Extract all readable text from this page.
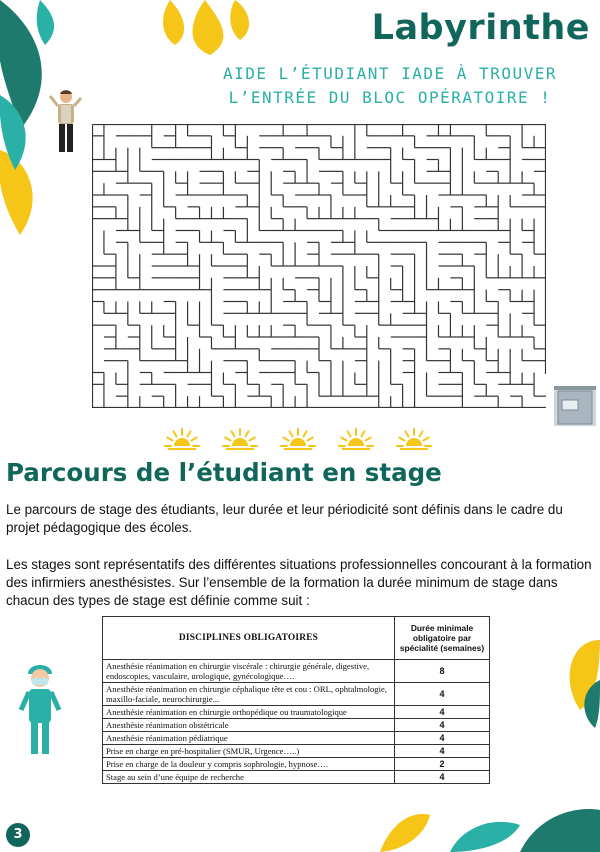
Labyrinthe
AIDE L’ÉTUDIANT IADE À TROUVER
L’ENTRÉE DU BLOC OPÉRATOIRE !
Parcours de l’étudiant en stage

Le parcours de stage des étudiants, leur durée et leur périodicité sont définis dans le cadre du projet pédagogique des écoles.

Les stages sont représentatifs des différentes situations professionnelles concourant à la formation des infirmiers anesthésistes. Sur l’ensemble de la formation la durée minimum de stage dans chacun des types de stage est définie comme suit :

DISCIPLINES OBLIGATOIRES	Durée minimale obligatoire par spécialité (semaines)
Anesthésie réanimation en chirurgie viscérale : chirurgie générale, digestive, endoscopies, vasculaire, urologique, gynécologique….	8
Anesthésie réanimation en chirurgie céphalique tête et cou : ORL, ophtalmologie, maxillo-faciale, neurochirurgie...	4
Anesthésie réanimation en chirurgie orthopédique ou traumatologique	4
Anesthésie réanimation obstétricale	4
Anesthésie réanimation pédiatrique	4
Prise en charge en pré-hospitalier (SMUR, Urgence…..)	4
Prise en charge de la douleur y compris sophrologie, hypnose….	2
Stage au sein d’une équipe de recherche	4
3
